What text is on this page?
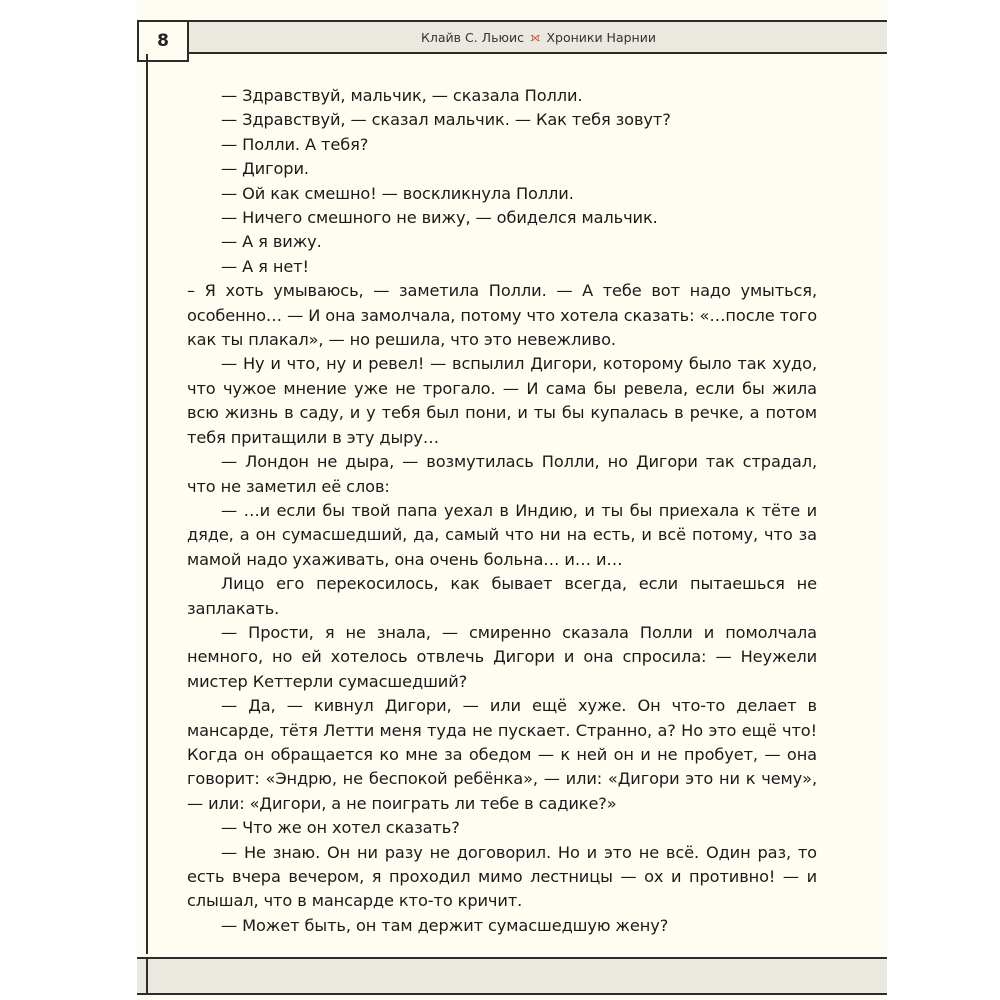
8	Клайв С. Льюис ⟗ Хроники Нарнии

— Здравствуй, мальчик, — сказала Полли.

— Здравствуй, — сказал мальчик. — Как тебя зовут?

— Полли. А тебя?

— Дигори.

— Ой как смешно! — воскликнула Полли.

— Ничего смешного не вижу, — обиделся мальчик.

— А я вижу.

— А я нет!

– Я хоть умываюсь, — заметила Полли. — А тебе вот надо умыться, особенно… — И она замолчала, потому что хотела сказать: «…после того как ты плакал», — но решила, что это невежливо.

— Ну и что, ну и ревел! — вспылил Дигори, которому было так худо, что чужое мнение уже не трогало. — И сама бы ревела, если бы жила всю жизнь в саду, и у тебя был пони, и ты бы купалась в речке, а потом тебя притащили в эту дыру…

— Лондон не дыра, — возмутилась Полли, но Дигори так страдал, что не заметил её слов:

— …и если бы твой папа уехал в Индию, и ты бы приехала к тёте и дяде, а он сумасшедший, да, самый что ни на есть, и всё потому, что за мамой надо ухаживать, она очень больна… и… и…

Лицо его перекосилось, как бывает всегда, если пытаешься не заплакать.

— Прости, я не знала, — смиренно сказала Полли и помолчала немного, но ей хотелось отвлечь Дигори и она спросила: — Неужели мистер Кеттерли сумасшедший?

— Да, — кивнул Дигори, — или ещё хуже. Он что-то делает в мансарде, тётя Летти меня туда не пускает. Странно, а? Но это ещё что! Когда он обращается ко мне за обедом — к ней он и не пробует, — она говорит: «Эндрю, не беспокой ребёнка», — или: «Дигори это ни к чему», — или: «Дигори, а не поиграть ли тебе в садике?»

— Что же он хотел сказать?

— Не знаю. Он ни разу не договорил. Но и это не всё. Один раз, то есть вчера вечером, я проходил мимо лестницы — ох и противно! — и слышал, что в мансарде кто-то кричит.

— Может быть, он там держит сумасшедшую жену?
